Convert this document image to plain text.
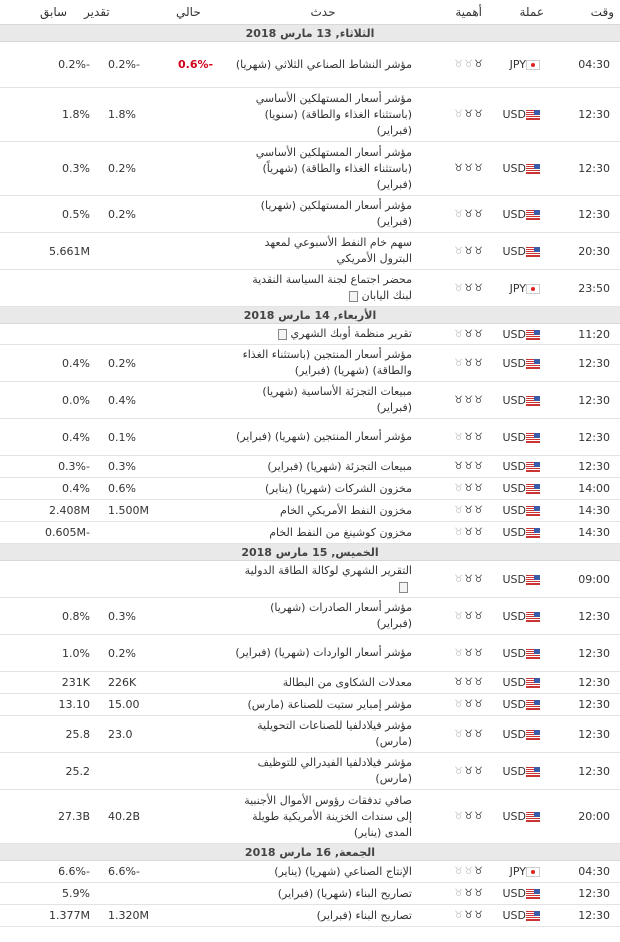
وقت	عملة	أهمية	حدث	حالي	تقدير	سابق
الثلاثاء, 13 مارس 2018						
04:30	JPY	♉♉♉	مؤشر النشاط الصناعي الثلاثي (شهريا)	-0.6%	-0.2%	-0.2%
12:30	USD	♉♉♉	مؤشر أسعار المستهلكين الأساسي (باستثناء الغذاء والطاقة) (سنويا) (فبراير)		1.8%	1.8%
12:30	USD	♉♉♉	مؤشر أسعار المستهلكين الأساسي (باستثناء الغذاء والطاقة) (شهرياً) (فبراير)		0.2%	0.3%
12:30	USD	♉♉♉	مؤشر أسعار المستهلكين (شهريا) (فبراير)		0.2%	0.5%
20:30	USD	♉♉♉	سهم خام النفط الأسبوعي لمعهد البترول الأمريكي			5.661M
23:50	JPY	♉♉♉	محضر اجتماع لجنة السياسة النقدية لبنك اليابان			
الأربعاء, 14 مارس 2018						
11:20	USD	♉♉♉	تقرير منظمة أوبك الشهري			
12:30	USD	♉♉♉	مؤشر أسعار المنتجين (باستثناء الغذاء والطاقة) (شهريا) (فبراير)		0.2%	0.4%
12:30	USD	♉♉♉	مبيعات التجزئة الأساسية (شهريا) (فبراير)		0.4%	0.0%
12:30	USD	♉♉♉	مؤشر أسعار المنتجين (شهريا) (فبراير)		0.1%	0.4%
12:30	USD	♉♉♉	مبيعات التجزئة (شهريا) (فبراير)		0.3%	-0.3%
14:00	USD	♉♉♉	مخزون الشركات (شهريا) (يناير)		0.6%	0.4%
14:30	USD	♉♉♉	مخزون النفط الأمريكي الخام		1.500M	2.408M
14:30	USD	♉♉♉	مخزون كوشينغ من النفط الخام			-0.605M
الخميس, 15 مارس 2018						
09:00	USD	♉♉♉	التقرير الشهري لوكالة الطاقة الدولية			
12:30	USD	♉♉♉	مؤشر أسعار الصادرات (شهريا) (فبراير)		0.3%	0.8%
12:30	USD	♉♉♉	مؤشر أسعار الواردات (شهريا) (فبراير)		0.2%	1.0%
12:30	USD	♉♉♉	معدلات الشكاوى من البطالة		226K	231K
12:30	USD	♉♉♉	مؤشر إمباير ستيت للصناعة (مارس)		15.00	13.10
12:30	USD	♉♉♉	مؤشر فيلادلفيا للصناعات التحويلية (مارس)		23.0	25.8
12:30	USD	♉♉♉	مؤشر فيلادلفيا الفيدرالي للتوظيف (مارس)			25.2
20:00	USD	♉♉♉	صافي تدفقات رؤوس الأموال الأجنبية إلى سندات الخزينة الأمريكية طويلة المدى (يناير)		40.2B	27.3B
الجمعة, 16 مارس 2018						
04:30	JPY	♉♉♉	الإنتاج الصناعي (شهريا) (يناير)		-6.6%	-6.6%
12:30	USD	♉♉♉	تصاريح البناء (شهريا) (فبراير)			5.9%
12:30	USD	♉♉♉	تصاريح البناء (فبراير)		1.320M	1.377M
